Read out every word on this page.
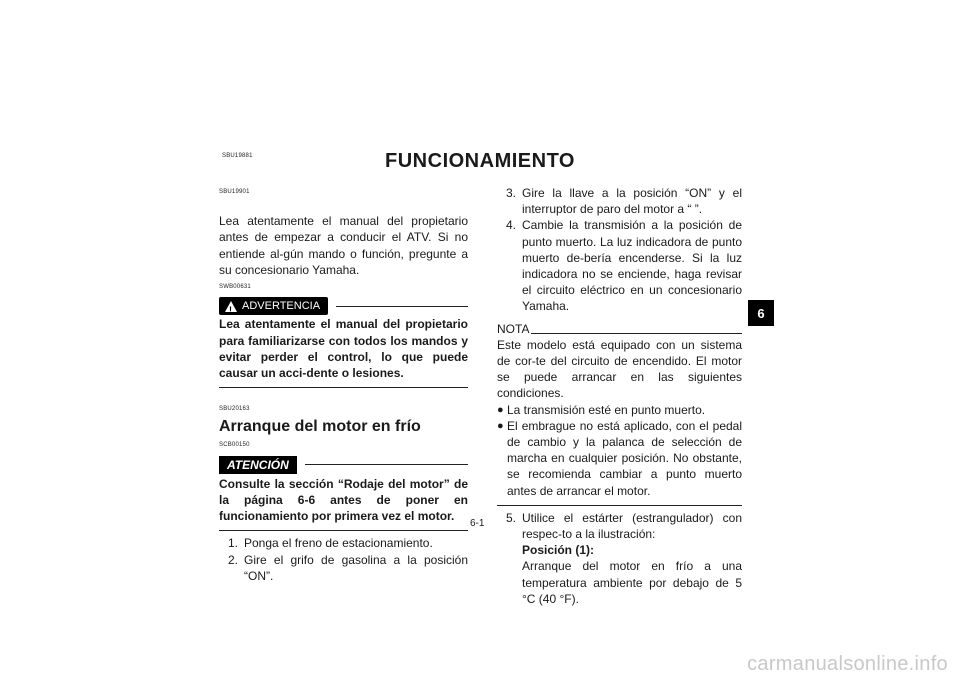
SBU19881	FUNCIONAMIENTO
SBU19901

Lea atentamente el manual del propietario antes de empezar a conducir el ATV. Si no entiende al-gún mando o función, pregunte a su concesionario Yamaha.

SWB00631
! ADVERTENCIA

Lea atentamente el manual del propietario para familiarizarse con todos los mandos y evitar perder el control, lo que puede causar un acci-dente o lesiones.

SBU20163
Arranque del motor en frío
SCB00150
ATENCIÓN

Consulte la sección “Rodaje del motor” de la página 6-6 antes de poner en funcionamiento por primera vez el motor.

1. Ponga el freno de estacionamiento.
2. Gire el grifo de gasolina a la posición “ON”.
3. Gire la llave a la posición “ON” y el interruptor de paro del motor a “ ”.
4. Cambie la transmisión a la posición de punto muerto. La luz indicadora de punto muerto de-bería encenderse. Si la luz indicadora no se enciende, haga revisar el circuito eléctrico en un concesionario Yamaha.
NOTA

Este modelo está equipado con un sistema de cor-te del circuito de encendido. El motor se puede arrancar en las siguientes condiciones.

● La transmisión esté en punto muerto.
● El embrague no está aplicado, con el pedal de cambio y la palanca de selección de marcha en cualquier posición. No obstante, se recomienda cambiar a punto muerto antes de arrancar el motor.
5. Utilice el estárter (estrangulador) con respec-to a la ilustración:
Posición (1):
Arranque del motor en frío a una temperatura ambiente por debajo de 5 °C (40 °F).
6
6-1
carmanualsonline.info
